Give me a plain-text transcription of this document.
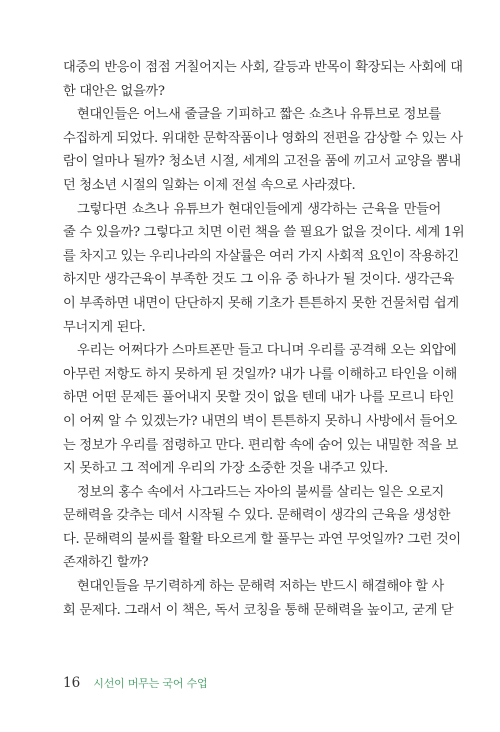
대중의 반응이 점점 거칠어지는 사회, 갈등과 반목이 확장되는 사회에 대
한 대안은 없을까?
현대인들은 어느새 줄글을 기피하고 짧은 쇼츠나 유튜브로 정보를
수집하게 되었다. 위대한 문학작품이나 영화의 전편을 감상할 수 있는 사
람이 얼마나 될까? 청소년 시절, 세계의 고전을 품에 끼고서 교양을 뽐내
던 청소년 시절의 일화는 이제 전설 속으로 사라졌다.
그렇다면 쇼츠나 유튜브가 현대인들에게 생각하는 근육을 만들어
줄 수 있을까? 그렇다고 치면 이런 책을 쓸 필요가 없을 것이다. 세계 1위
를 차지고 있는 우리나라의 자살률은 여러 가지 사회적 요인이 작용하긴
하지만 생각근육이 부족한 것도 그 이유 중 하나가 될 것이다. 생각근육
이 부족하면 내면이 단단하지 못해 기초가 튼튼하지 못한 건물처럼 쉽게
무너지게 된다.
우리는 어쩌다가 스마트폰만 들고 다니며 우리를 공격해 오는 외압에
아무런 저항도 하지 못하게 된 것일까? 내가 나를 이해하고 타인을 이해
하면 어떤 문제든 풀어내지 못할 것이 없을 텐데 내가 나를 모르니 타인
이 어찌 알 수 있겠는가? 내면의 벽이 튼튼하지 못하니 사방에서 들어오
는 정보가 우리를 점령하고 만다. 편리함 속에 숨어 있는 내밀한 적을 보
지 못하고 그 적에게 우리의 가장 소중한 것을 내주고 있다.
정보의 홍수 속에서 사그라드는 자아의 불씨를 살리는 일은 오로지
문해력을 갖추는 데서 시작될 수 있다. 문해력이 생각의 근육을 생성한
다. 문해력의 불씨를 활활 타오르게 할 풀무는 과연 무엇일까? 그런 것이
존재하긴 할까?
현대인들을 무기력하게 하는 문해력 저하는 반드시 해결해야 할 사
회 문제다. 그래서 이 책은, 독서 코칭을 통해 문해력을 높이고, 굳게 닫
16 시선이 머무는 국어 수업
